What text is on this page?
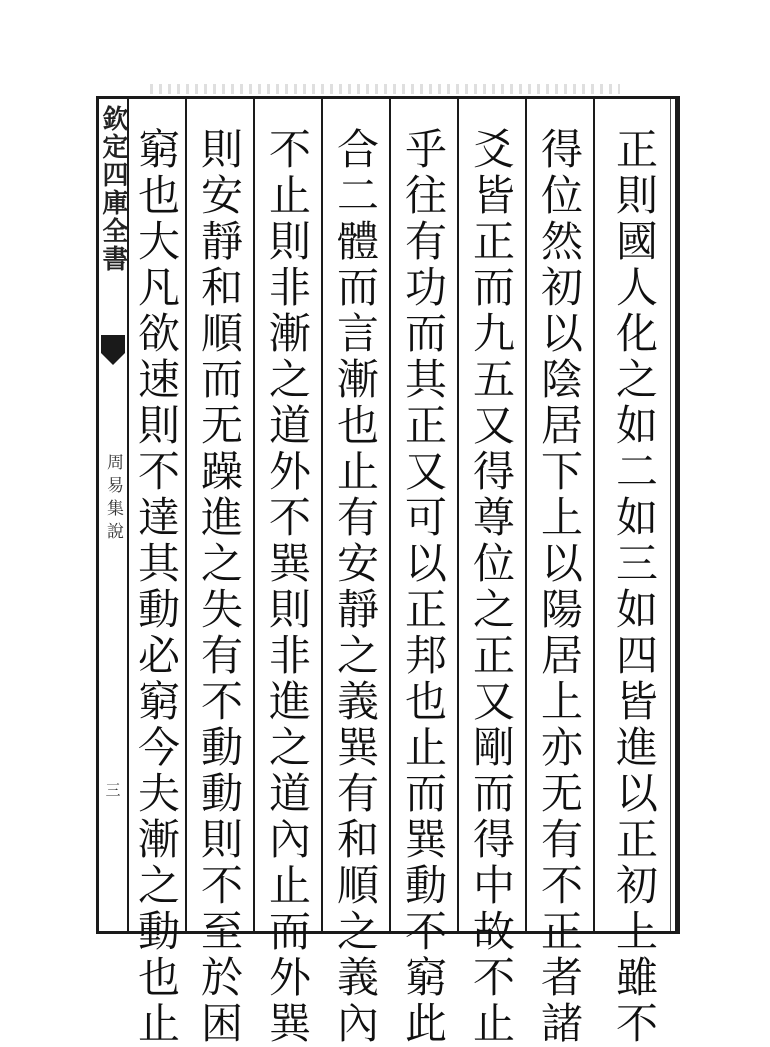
欽定四庫全書
周易集說
三	正則國人化之如二如三如四皆進以正初上雖不
得位然初以陰居下上以陽居上亦无有不正者諸
爻皆正而九五又得尊位之正又剛而得中故不止
乎往有功而其正又可以正邦也止而巽動不窮此
合二體而言漸也止有安靜之義巽有和順之義內
不止則非漸之道外不巽則非進之道內止而外巽
則安靜和順而无躁進之失有不動動則不至於困
窮也大凡欲速則不達其動必窮今夫漸之動也止
